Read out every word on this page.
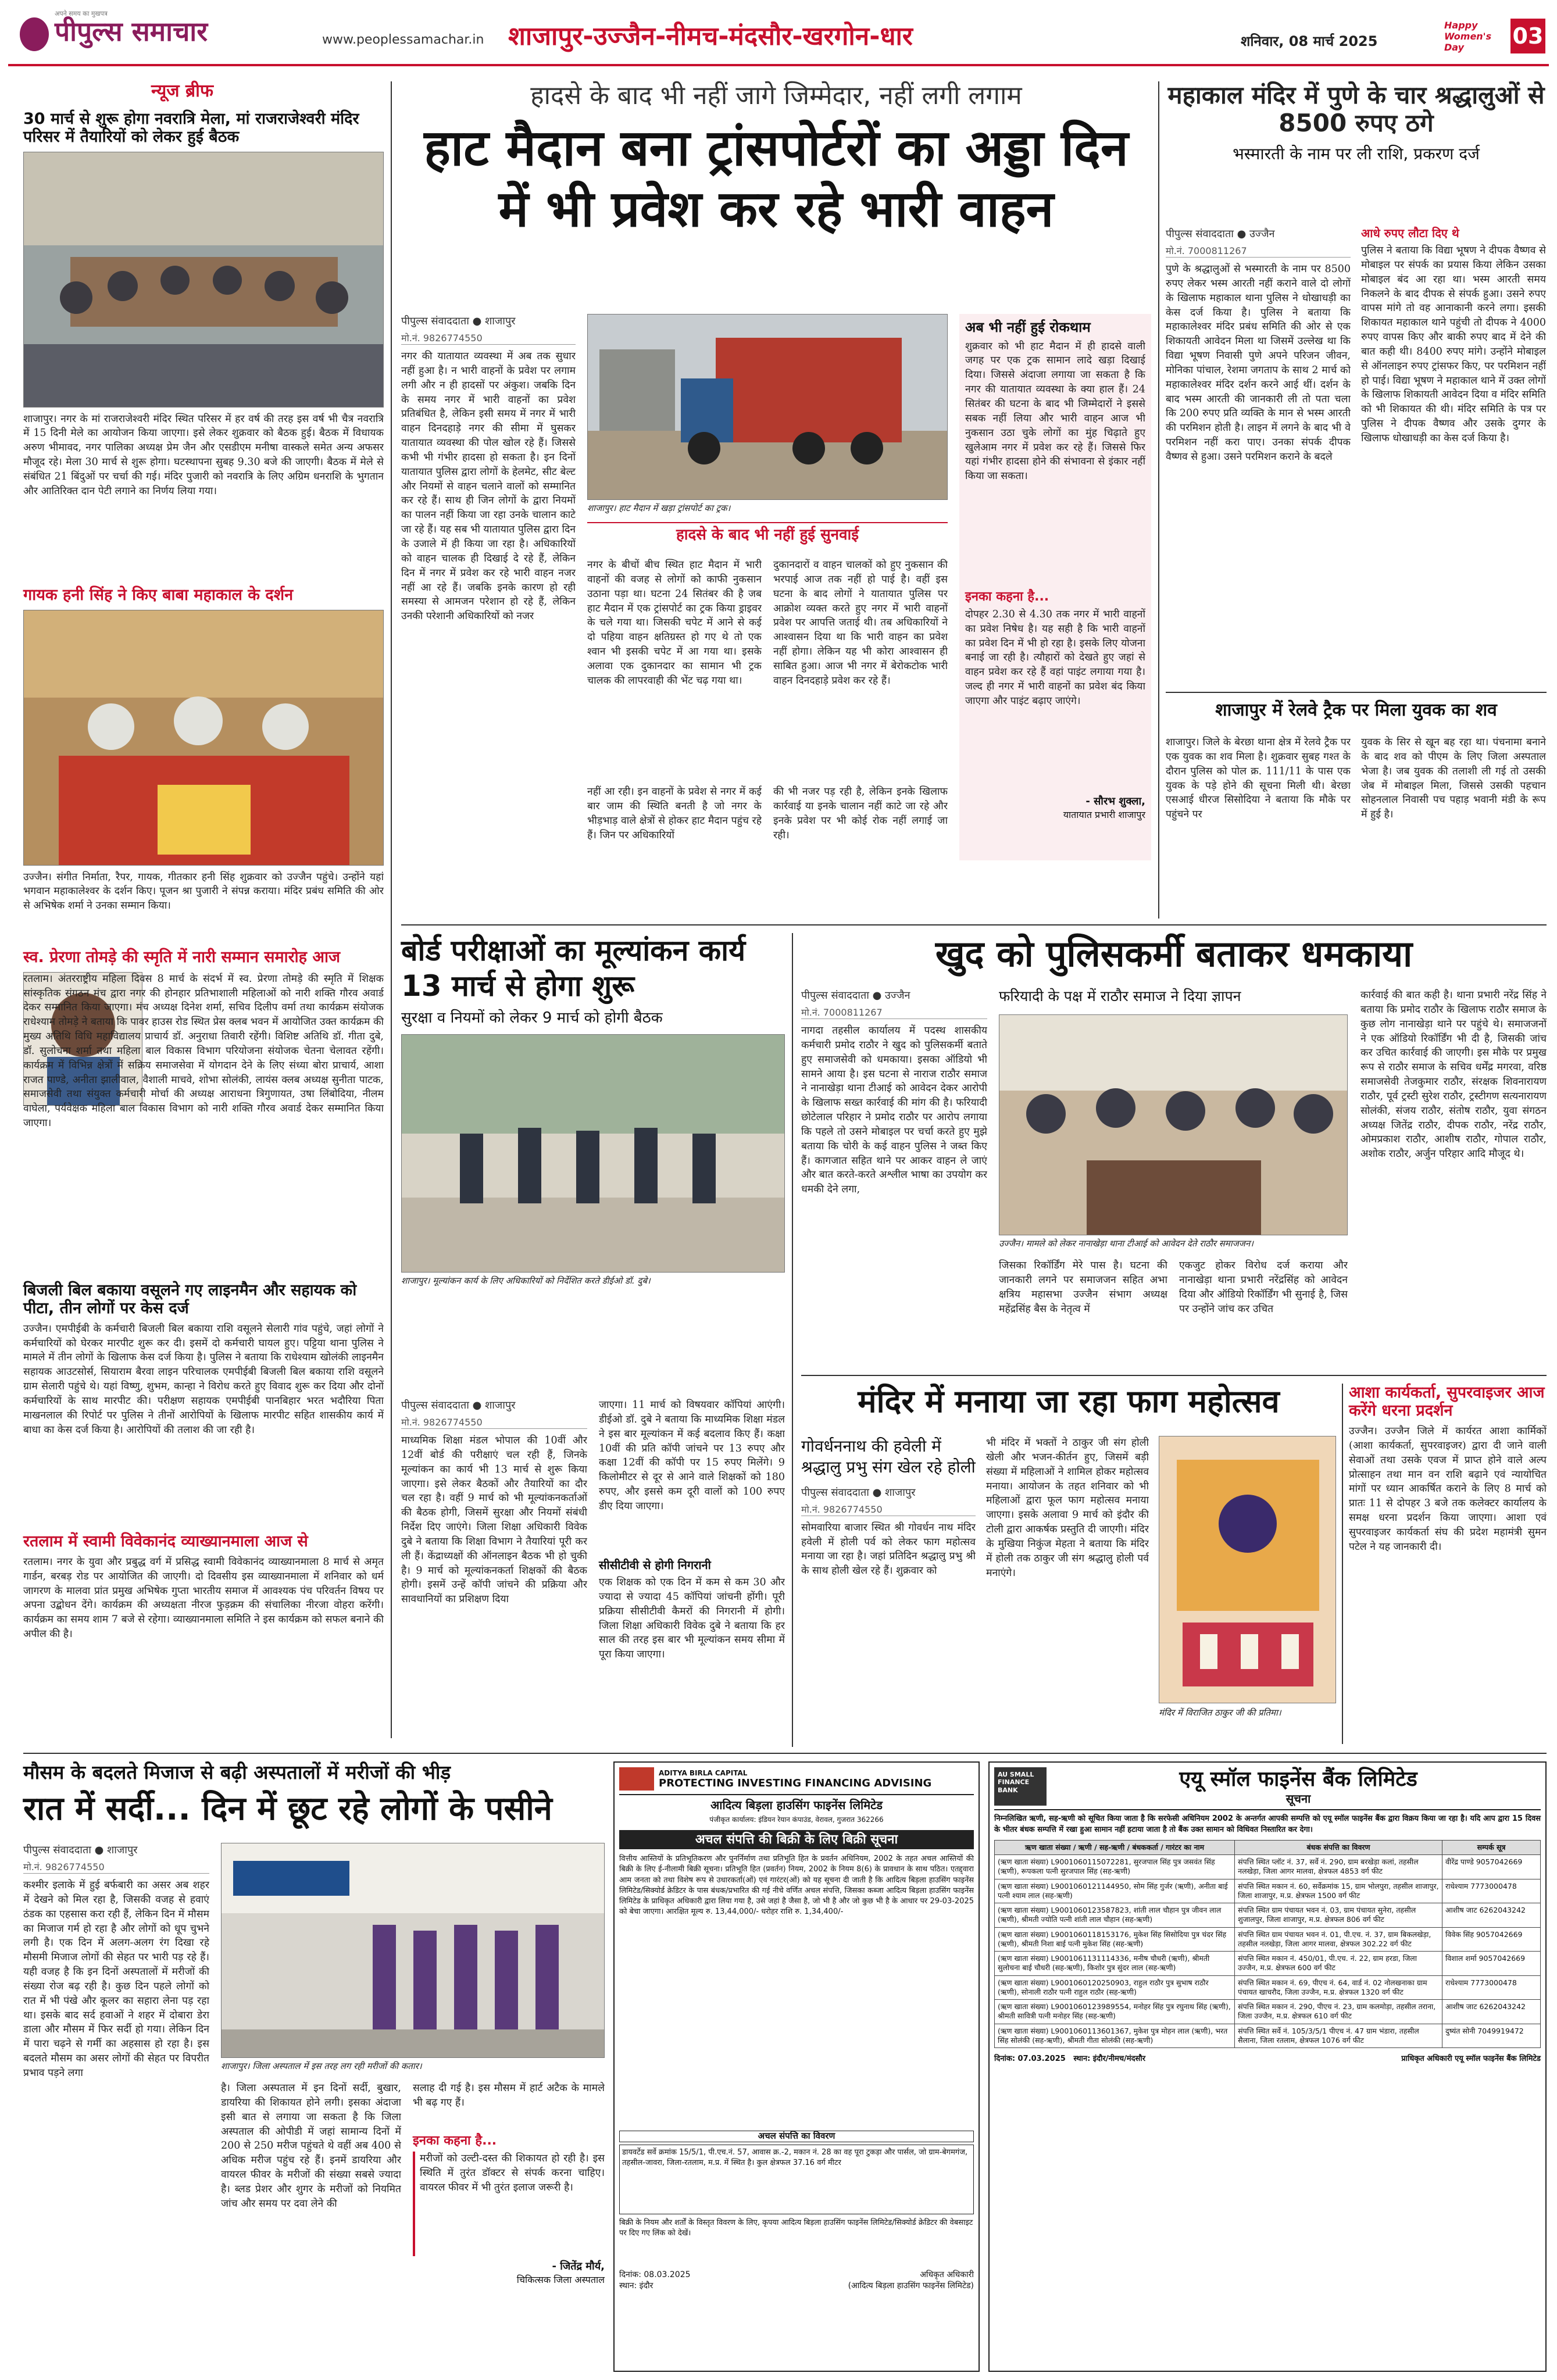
पीपुल्स समाचार
अपने समय का मुखपत्र
www.peoplessamachar.in शाजापुर-उज्जैन-नीमच-मंदसौर-खरगोन-धार	शनिवार, 08 मार्च 2025
Happy Women's Day	03
न्यूज ब्रीफ
30 मार्च से शुरू होगा नवरात्रि मेला, मां राजराजेश्वरी मंदिर परिसर में तैयारियों को लेकर हुई बैठक
शाजापुर। नगर के मां राजराजेश्वरी मंदिर स्थित परिसर में हर वर्ष की तरह इस वर्ष भी चैत्र नवरात्रि में 15 दिनी मेले का आयोजन किया जाएगा। इसे लेकर शुक्रवार को बैठक हुई। बैठक में विधायक अरुण भीमावद, नगर पालिका अध्यक्ष प्रेम जैन और एसडीएम मनीषा वास्कले समेत अन्य अफसर मौजूद रहे। मेला 30 मार्च से शुरू होगा। घटस्थापना सुबह 9.30 बजे की जाएगी। बैठक में मेले से संबंधित 21 बिंदुओं पर चर्चा की गई। मंदिर पुजारी को नवरात्रि के लिए अग्रिम धनराशि के भुगतान और आतिरिक्त दान पेटी लगाने का निर्णय लिया गया।
गायक हनी सिंह ने किए बाबा महाकाल के दर्शन
उज्जैन। संगीत निर्माता, रैपर, गायक, गीतकार हनी सिंह शुक्रवार को उज्जैन पहुंचे। उन्होंने यहां भगवान महाकालेश्वर के दर्शन किए। पूजन श्रा पुजारी ने संपन्न कराया। मंदिर प्रबंध समिति की ओर से अभिषेक शर्मा ने उनका सम्मान किया।
स्व. प्रेरणा तोमड़े की स्मृति में नारी सम्मान समारोह आज
रतलाम। अंतरराष्ट्रीय महिला दिवस 8 मार्च के संदर्भ में स्व. प्रेरणा तोमड़े की स्मृति में शिक्षक सांस्कृतिक संगठन मंच द्वारा नगर की होनहार प्रतिभाशाली महिलाओं को नारी शक्ति गौरव अवार्ड देकर सम्मानित किया जाएगा। मंच अध्यक्ष दिनेश शर्मा, सचिव दिलीप वर्मा तथा कार्यक्रम संयोजक राधेश्याम तोमड़े ने बताया कि पावर हाउस रोड स्थित प्रेस क्लब भवन में आयोजित उक्त कार्यक्रम की मुख्य अतिथि विधि महाविद्यालय प्राचार्य डॉ. अनुराधा तिवारी रहेंगी। विशिष्ट अतिथि डॉ. गीता दुबे, डॉ. सुलोचना शर्मा तथा महिला बाल विकास विभाग परियोजना संयोजक चेतना चेलावत रहेंगी। कार्यक्रम में विभिन्न क्षेत्रों में सक्रिय समाजसेवा में योगदान देने के लिए संध्या बोरा प्राचार्य, आशा राजत पाण्डे, अनीता झालीवाल, वैशाली माचवे, शोभा सोलंकी, लायंस क्लब अध्यक्ष सुनीता पाटक, समाजसेवी तथा संयुक्त कर्मचारी मोर्चा की अध्यक्ष आराधना त्रिगुणायत, उषा लिंबोदिया, नीलम वाघेला, पर्यवेक्षक महिला बाल विकास विभाग को नारी शक्ति गौरव अवार्ड देकर सम्मानित किया जाएगा।
बिजली बिल बकाया वसूलने गए लाइनमैन और सहायक को पीटा, तीन लोगों पर केस दर्ज
उज्जैन। एमपीईबी के कर्मचारी बिजली बिल बकाया राशि वसूलने सेलारी गांव पहुंचे, जहां लोगों ने कर्मचारियों को घेरकर मारपीट शुरू कर दी। इसमें दो कर्मचारी घायल हुए। पट्टिया थाना पुलिस ने मामले में तीन लोगों के खिलाफ केस दर्ज किया है। पुलिस ने बताया कि राधेश्याम खोलंकी लाइनमैन सहायक आउटसोर्स, सियाराम बैरवा लाइन परिचालक एमपीईबी बिजली बिल बकाया राशि वसूलने ग्राम सेलारी पहुंचे थे। यहां विष्णु, शुभम, कान्हा ने विरोध करते हुए विवाद शुरू कर दिया और दोनों कर्मचारियों के साथ मारपीट की। परीक्षण सहायक एमपीईबी पानबिहार भरत भदौरिया पिता माखनलाल की रिपोर्ट पर पुलिस ने तीनों आरोपियों के खिलाफ मारपीट सहित शासकीय कार्य में बाधा का केस दर्ज किया है। आरोपियों की तलाश की जा रही है।
रतलाम में स्वामी विवेकानंद व्याख्यानमाला आज से
रतलाम। नगर के युवा और प्रबुद्ध वर्ग में प्रसिद्ध स्वामी विवेकानंद व्याख्यानमाला 8 मार्च से अमृत गार्डन, बरबड़ रोड पर आयोजित की जाएगी। दो दिवसीय इस व्याख्यानमाला में शनिवार को धर्म जागरण के मालवा प्रांत प्रमुख अभिषेक गुप्ता भारतीय समाज में आवश्यक पंच परिवर्तन विषय पर अपना उद्बोधन देंगे। कार्यक्रम की अध्यक्षता नीरज फुड़क्रम की संचालिका नीरजा वोहरा करेंगी। कार्यक्रम का समय शाम 7 बजे से रहेगा। व्याख्यानमाला समिति ने इस कार्यक्रम को सफल बनाने की अपील की है।
हादसे के बाद भी नहीं जागे जिम्मेदार, नहीं लगी लगाम
हाट मैदान बना ट्रांसपोर्टरों का अड्डा दिन में भी प्रवेश कर रहे भारी वाहन
पीपुल्स संवाददाता ● शाजापुर
मो.नं. 9826774550
नगर की यातायात व्यवस्था में अब तक सुधार नहीं हुआ है। न भारी वाहनों के प्रवेश पर लगाम लगी और न ही हादसों पर अंकुश। जबकि दिन के समय नगर में भारी वाहनों का प्रवेश प्रतिबंधित है, लेकिन इसी समय में नगर में भारी वाहन दिनदहाड़े नगर की सीमा में घुसकर यातायात व्यवस्था की पोल खोल रहे हैं। जिससे कभी भी गंभीर हादसा हो सकता है। इन दिनों यातायात पुलिस द्वारा लोगों के हेलमेट, सीट बेल्ट और नियमों से वाहन चलाने वालों को सम्मानित कर रहे हैं। साथ ही जिन लोगों के द्वारा नियमों का पालन नहीं किया जा रहा उनके चालान काटे जा रहे हैं। यह सब भी यातायात पुलिस द्वारा दिन के उजाले में ही किया जा रहा है। अधिकारियों को वाहन चालक ही दिखाई दे रहे हैं, लेकिन दिन में नगर में प्रवेश कर रहे भारी वाहन नजर नहीं आ रहे हैं। जबकि इनके कारण हो रही समस्या से आमजन परेशान हो रहे हैं, लेकिन उनकी परेशानी अधिकारियों को नजर
शाजापुर। हाट मैदान में खड़ा ट्रांसपोर्ट का ट्रक।
हादसे के बाद भी नहीं हुई सुनवाई
नगर के बीचों बीच स्थित हाट मैदान में भारी वाहनों की वजह से लोगों को काफी नुकसान उठाना पड़ा था। घटना 24 सितंबर की है जब हाट मैदान में एक ट्रांसपोर्ट का ट्रक किया ड्राइवर के चले गया था। जिसकी चपेट में आने से कई दो पहिया वाहन क्षतिग्रस्त हो गए थे तो एक श्वान भी इसकी चपेट में आ गया था। इसके अलावा एक दुकानदार का सामान भी ट्रक चालक की लापरवाही की भेंट चढ़ गया था।
दुकानदारों व वाहन चालकों को हुए नुकसान की भरपाई आज तक नहीं हो पाई है। वहीं इस घटना के बाद लोगों ने यातायात पुलिस पर आक्रोश व्यक्त करते हुए नगर में भारी वाहनों प्रवेश पर आपत्ति जताई थी। तब अधिकारियों ने आश्वासन दिया था कि भारी वाहन का प्रवेश नहीं होगा। लेकिन यह भी कोरा आश्वासन ही साबित हुआ। आज भी नगर में बेरोकटोक भारी वाहन दिनदहाड़े प्रवेश कर रहे हैं।
नहीं आ रही। इन वाहनों के प्रवेश से नगर में कई बार जाम की स्थिति बनती है जो नगर के भीड़भाड़ वाले क्षेत्रों से होकर हाट मैदान पहुंच रहे हैं। जिन पर अधिकारियों
की भी नजर पड़ रही है, लेकिन इनके खिलाफ कार्रवाई या इनके चालान नहीं काटे जा रहे और इनके प्रवेश पर भी कोई रोक नहीं लगाई जा रही।
अब भी नहीं हुई रोकथाम
शुक्रवार को भी हाट मैदान में ही हादसे वाली जगह पर एक ट्रक सामान लादे खड़ा दिखाई दिया। जिससे अंदाजा लगाया जा सकता है कि नगर की यातायात व्यवस्था के क्या हाल हैं। 24 सितंबर की घटना के बाद भी जिम्मेदारों ने इससे सबक नहीं लिया और भारी वाहन आज भी नुकसान उठा चुके लोगों का मुंह चिढ़ाते हुए खुलेआम नगर में प्रवेश कर रहे हैं। जिससे फिर यहां गंभीर हादसा होने की संभावना से इंकार नहीं किया जा सकता।
इनका कहना है...
दोपहर 2.30 से 4.30 तक नगर में भारी वाहनों का प्रवेश निषेध है। यह सही है कि भारी वाहनों का प्रवेश दिन में भी हो रहा है। इसके लिए योजना बनाई जा रही है। त्यौहारों को देखते हुए जहां से वाहन प्रवेश कर रहे हैं वहां पाइंट लगाया गया है। जल्द ही नगर में भारी वाहनों का प्रवेश बंद किया जाएगा और पाइंट बढ़ाए जाएंगे।
- सौरभ शुक्ला,
यातायात प्रभारी शाजापुर
महाकाल मंदिर में पुणे के चार श्रद्धालुओं से 8500 रुपए ठगे
भस्मारती के नाम पर ली राशि, प्रकरण दर्ज
पीपुल्स संवाददाता ● उज्जैन
मो.नं. 7000811267
पुणे के श्रद्धालुओं से भस्मारती के नाम पर 8500 रुपए लेकर भस्म आरती नहीं कराने वाले दो लोगों के खिलाफ महाकाल थाना पुलिस ने धोखाधड़ी का केस दर्ज किया है। पुलिस ने बताया कि महाकालेश्वर मंदिर प्रबंध समिति की ओर से एक शिकायती आवेदन मिला था जिसमें उल्लेख था कि विद्या भूषण निवासी पुणे अपने परिजन जीवन, मोनिका पांचाल, रेशमा जगताप के साथ 2 मार्च को महाकालेश्वर मंदिर दर्शन करने आई थीं। दर्शन के बाद भस्म आरती की जानकारी ली तो पता चला कि 200 रुपए प्रति व्यक्ति के मान से भस्म आरती की परमिशन होती है। लाइन में लगने के बाद भी वे परमिशन नहीं करा पाए। उनका संपर्क दीपक वैष्णव से हुआ। उसने परमिशन कराने के बदले
आधे रुपए लौटा दिए थे
पुलिस ने बताया कि विद्या भूषण ने दीपक वैष्णव से मोबाइल पर संपर्क का प्रयास किया लेकिन उसका मोबाइल बंद आ रहा था। भस्म आरती समय निकलने के बाद दीपक से संपर्क हुआ। उसने रुपए वापस मांगे तो वह आनाकानी करने लगा। इसकी शिकायत महाकाल थाने पहुंची तो दीपक ने 4000 रुपए वापस किए और बाकी रुपए बाद में देने की बात कही थी। 8400 रुपए मांगे। उन्होंने मोबाइल से ऑनलाइन रुपए ट्रांसफर किए, पर परमिशन नहीं हो पाई। विद्या भूषण ने महाकाल थाने में उक्त लोगों के खिलाफ शिकायती आवेदन दिया व मंदिर समिति को भी शिकायत की थी। मंदिर समिति के पत्र पर पुलिस ने दीपक वैष्णव और उसके दुग्गर के खिलाफ धोखाधड़ी का केस दर्ज किया है।
शाजापुर में रेलवे ट्रैक पर मिला युवक का शव
शाजापुर। जिले के बेरछा थाना क्षेत्र में रेलवे ट्रैक पर एक युवक का शव मिला है। शुक्रवार सुबह गश्त के दौरान पुलिस को पोल क्र. 111/11 के पास एक युवक के पड़े होने की सूचना मिली थी। बेरछा एसआई धीरज सिसोदिया ने बताया कि मौके पर पहुंचने पर
युवक के सिर से खून बह रहा था। पंचनामा बनाने के बाद शव को पीएम के लिए जिला अस्पताल भेजा है। जब युवक की तलाशी ली गई तो उसकी जेब में मोबाइल मिला, जिससे उसकी पहचान सोहनलाल निवासी पच पहाड़ भवानी मंडी के रूप में हुई है।
बोर्ड परीक्षाओं का मूल्यांकन कार्य 13 मार्च से होगा शुरू
सुरक्षा व नियमों को लेकर 9 मार्च को होगी बैठक
शाजापुर। मूल्यांकन कार्य के लिए अधिकारियों को निर्देशित करते डीईओ डॉ. दुबे।
पीपुल्स संवाददाता ● शाजापुर
मो.नं. 9826774550
माध्यमिक शिक्षा मंडल भोपाल की 10वीं और 12वीं बोर्ड की परीक्षाएं चल रही हैं, जिनके मूल्यांकन का कार्य भी 13 मार्च से शुरू किया जाएगा। इसे लेकर बैठकों और तैयारियों का दौर चल रहा है। वहीं 9 मार्च को भी मूल्यांकनकर्ताओं की बैठक होगी, जिसमें सुरक्षा और नियमों संबंधी निर्देश दिए जाएंगे। जिला शिक्षा अधिकारी विवेक दुबे ने बताया कि शिक्षा विभाग ने तैयारियां पूरी कर ली हैं। केंद्राध्यक्षों की ऑनलाइन बैठक भी हो चुकी है। 9 मार्च को मूल्यांकनकर्ता शिक्षकों की बैठक होगी। इसमें उन्हें कॉपी जांचने की प्रक्रिया और सावधानियों का प्रशिक्षण दिया
जाएगा। 11 मार्च को विषयवार कॉपियां आएंगी। डीईओ डॉ. दुबे ने बताया कि माध्यमिक शिक्षा मंडल ने इस बार मूल्यांकन में कई बदलाव किए हैं। कक्षा 10वीं की प्रति कॉपी जांचने पर 13 रुपए और कक्षा 12वीं की कॉपी पर 15 रुपए मिलेंगे। 9 किलोमीटर से दूर से आने वाले शिक्षकों को 180 रुपए, और इससे कम दूरी वालों को 100 रुपए डीए दिया जाएगा।
सीसीटीवी से होगी निगरानी
एक शिक्षक को एक दिन में कम से कम 30 और ज्यादा से ज्यादा 45 कॉपियां जांचनी होंगी। पूरी प्रक्रिया सीसीटीवी कैमरों की निगरानी में होगी। जिला शिक्षा अधिकारी विवेक दुबे ने बताया कि हर साल की तरह इस बार भी मूल्यांकन समय सीमा में पूरा किया जाएगा।
खुद को पुलिसकर्मी बताकर धमकाया
पीपुल्स संवाददाता ● उज्जैन
मो.नं. 7000811267
नागदा तहसील कार्यालय में पदस्थ शासकीय कर्मचारी प्रमोद राठौर ने खुद को पुलिसकर्मी बताते हुए समाजसेवी को धमकाया। इसका ऑडियो भी सामने आया है। इस घटना से नाराज राठौर समाज ने नानाखेड़ा थाना टीआई को आवेदन देकर आरोपी के खिलाफ सख्त कार्रवाई की मांग की है। फरियादी छोटेलाल परिहार ने प्रमोद राठौर पर आरोप लगाया कि पहले तो उसने मोबाइल पर चर्चा करते हुए मुझे बताया कि चोरी के कई वाहन पुलिस ने जब्त किए हैं। कागजात सहित थाने पर आकर वाहन ले जाएं और बात करते-करते अश्लील भाषा का उपयोग कर धमकी देने लगा,
फरियादी के पक्ष में राठौर समाज ने दिया ज्ञापन
उज्जैन। मामले को लेकर नानाखेड़ा थाना टीआई को आवेदन देते राठौर समाजजन।
जिसका रिकॉर्डिंग मेरे पास है। घटना की जानकारी लगने पर समाजजन सहित अभा क्षत्रिय महासभा उज्जैन संभाग अध्यक्ष महेंद्रसिंह बैस के नेतृत्व में
एकजुट होकर विरोध दर्ज कराया और नानाखेड़ा थाना प्रभारी नरेंद्रसिंह को आवेदन दिया और ऑडियो रिकॉर्डिंग भी सुनाई है, जिस पर उन्होंने जांच कर उचित
कार्रवाई की बात कही है। थाना प्रभारी नरेंद्र सिंह ने बताया कि प्रमोद राठौर के खिलाफ राठौर समाज के कुछ लोग नानाखेड़ा थाने पर पहुंचे थे। समाजजनों ने एक ऑडियो रिकॉर्डिंग भी दी है, जिसकी जांच कर उचित कार्रवाई की जाएगी। इस मौके पर प्रमुख रूप से राठौर समाज के सचिव धर्मेंद्र मगरवा, वरिष्ठ समाजसेवी तेजकुमार राठौर, संरक्षक शिवनारायण राठौर, पूर्व ट्रस्टी सुरेश राठौर, ट्रस्टीगण सत्यनारायण सोलंकी, संजय राठौर, संतोष राठौर, युवा संगठन अध्यक्ष जितेंद्र राठौर, दीपक राठौर, नरेंद्र राठौर, ओमप्रकाश राठौर, आशीष राठौर, गोपाल राठौर, अशोक राठौर, अर्जुन परिहार आदि मौजूद थे।
मंदिर में मनाया जा रहा फाग महोत्सव
गोवर्धननाथ की हवेली में श्रद्धालु प्रभु संग खेल रहे होली
पीपुल्स संवाददाता ● शाजापुर
मो.नं. 9826774550
सोमवारिया बाजार स्थित श्री गोवर्धन नाथ मंदिर हवेली में होली पर्व को लेकर फाग महोत्सव मनाया जा रहा है। जहां प्रतिदिन श्रद्धालु प्रभु श्री के साथ होली खेल रहे हैं। शुक्रवार को
भी मंदिर में भक्तों ने ठाकुर जी संग होली खेली और भजन-कीर्तन हुए, जिसमें बड़ी संख्या में महिलाओं ने शामिल होकर महोत्सव मनाया। आयोजन के तहत शनिवार को भी महिलाओं द्वारा फूल फाग महोत्सव मनाया जाएगा। इसके अलावा 9 मार्च को इंदौर की टोली द्वारा आकर्षक प्रस्तुति दी जाएगी। मंदिर के मुखिया निकुंज मेहता ने बताया कि मंदिर में होली तक ठाकुर जी संग श्रद्धालु होली पर्व मनाएंगे।
मंदिर में विराजित ठाकुर जी की प्रतिमा।
आशा कार्यकर्ता, सुपरवाइजर आज करेंगे धरना प्रदर्शन
उज्जैन। उज्जैन जिले में कार्यरत आशा कार्मिकों (आशा कार्यकर्ता, सुपरवाइजर) द्वारा दी जाने वाली सेवाओं तथा उसके एवज में प्राप्त होने वाले अल्प प्रोत्साहन तथा मान वन राशि बढ़ाने एवं न्यायोचित मांगों पर ध्यान आकर्षित कराने के लिए 8 मार्च को प्रातः 11 से दोपहर 3 बजे तक कलेक्टर कार्यालय के समक्ष धरना प्रदर्शन किया जाएगा। आशा एवं सुपरवाइजर कार्यकर्ता संघ की प्रदेश महामंत्री सुमन पटेल ने यह जानकारी दी।
मौसम के बदलते मिजाज से बढ़ी अस्पतालों में मरीजों की भीड़
रात में सर्दी... दिन में छूट रहे लोगों के पसीने
पीपुल्स संवाददाता ● शाजापुर
मो.नं. 9826774550
कश्मीर इलाके में हुई बर्फबारी का असर अब शहर में देखने को मिल रहा है, जिसकी वजह से हवाएं ठंडक का एहसास करा रही हैं, लेकिन दिन में मौसम का मिजाज गर्म हो रहा है और लोगों को धूप चुभने लगी है। एक दिन में अलग-अलग रंग दिखा रहे मौसमी मिजाज लोगों की सेहत पर भारी पड़ रहे हैं। यही वजह है कि इन दिनों अस्पतालों में मरीजों की संख्या रोज बढ़ रही है। कुछ दिन पहले लोगों को रात में भी पंखे और कूलर का सहारा लेना पड़ रहा था। इसके बाद सर्द हवाओं ने शहर में दोबारा डेरा डाला और मौसम में फिर सर्दी हो गया। लेकिन दिन में पारा चढ़ने से गर्मी का अहसास हो रहा है। इस बदलते मौसम का असर लोगों की सेहत पर विपरीत प्रभाव पड़ने लगा
शाजापुर। जिला अस्पताल में इस तरह लग रही मरीजों की कतार।
है। जिला अस्पताल में इन दिनों सर्दी, बुखार, डायरिया की शिकायत होने लगी। इसका अंदाजा इसी बात से लगाया जा सकता है कि जिला अस्पताल की ओपीडी में जहां सामान्य दिनों में 200 से 250 मरीज पहुंचते थे वहीं अब 400 से अधिक मरीज पहुंच रहे हैं। इनमें डायरिया और वायरल फीवर के मरीजों की संख्या सबसे ज्यादा है। ब्लड प्रेशर और शुगर के मरीजों को नियमित जांच और समय पर दवा लेने की
सलाह दी गई है। इस मौसम में हार्ट अटैक के मामले भी बढ़ गए हैं।
इनका कहना है...
मरीजों को उल्टी-दस्त की शिकायत हो रही है। इस स्थिति में तुरंत डॉक्टर से संपर्क करना चाहिए। वायरल फीवर में भी तुरंत इलाज जरूरी है।
- जितेंद्र मौर्य,
चिकित्सक जिला अस्पताल
ADITYA BIRLA CAPITAL
PROTECTING INVESTING FINANCING ADVISING
आदित्य बिड़ला हाउसिंग फाइनेंस लिमिटेड
पंजीकृत कार्यालय: इंडियन रेयान कंपाउंड, वेरावल, गुजरात 362266
अचल संपत्ति की बिक्री के लिए बिक्री सूचना
वित्तीय आस्तियों के प्रतिभूतिकरण और पुनर्निर्माण तथा प्रतिभूति हित के प्रवर्तन अधिनियम, 2002 के तहत अचल आस्तियों की बिक्री के लिए ई-नीलामी बिक्री सूचना। प्रतिभूति हित (प्रवर्तन) नियम, 2002 के नियम 8(6) के प्रावधान के साथ पठित। एतद्द्वारा आम जनता को तथा विशेष रूप से उधारकर्ता(ओं) एवं गारंटर(ओं) को यह सूचना दी जाती है कि आदित्य बिड़ला हाउसिंग फाइनेंस लिमिटेड/सिक्योर्ड क्रेडिटर के पास बंधक/प्रभारित की गई नीचे वर्णित अचल संपत्ति, जिसका कब्जा आदित्य बिड़ला हाउसिंग फाइनेंस लिमिटेड के प्राधिकृत अधिकारी द्वारा लिया गया है, उसे जहां है जैसा है, जो भी है और जो कुछ भी है के आधार पर 29-03-2025 को बेचा जाएगा। आरक्षित मूल्य रु. 13,44,000/- धरोहर राशि रु. 1,34,400/-
अचल संपत्ति का विवरण
डायवर्टेड सर्वे क्रमांक 15/5/1, पी.एच.नं. 57, आवास क्र.-2, मकान नं. 28 का वह पूरा टुकड़ा और पार्सल, जो ग्राम-बेगमगंज, तहसील-जावरा, जिला-रतलाम, म.प्र. में स्थित है। कुल क्षेत्रफल 37.16 वर्ग मीटर
बिक्री के नियम और शर्तों के विस्तृत विवरण के लिए, कृपया आदित्य बिड़ला हाउसिंग फाइनेंस लिमिटेड/सिक्योर्ड क्रेडिटर की वेबसाइट पर दिए गए लिंक को देखें।
दिनांक: 08.03.2025
स्थान: इंदौर
अधिकृत अधिकारी
(आदित्य बिड़ला हाउसिंग फाइनेंस लिमिटेड)
AU SMALL FINANCE BANK	एयू स्मॉल फाइनेंस बैंक लिमिटेड
सूचना
निम्नलिखित ऋणी, सह-ऋणी को सूचित किया जाता है कि सरफेसी अधिनियम 2002 के अन्तर्गत आपकी सम्पत्ति को एयू स्मॉल फाइनेंस बैंक द्वारा विक्रय किया जा रहा है। यदि आप द्वारा 15 दिवस के भीतर बंधक सम्पत्ति में रखा हुआ सामान नहीं हटाया जाता है तो बैंक उक्त सामान को विधिवत निस्तारित कर देगा।
ऋण खाता संख्या / ऋणी / सह-ऋणी / बंधककर्ता / गारंटर का नाम	बंधक संपत्ति का विवरण	सम्पर्क सूत्र
(ऋण खाता संख्या) L9001060115072281, सुरजपाल सिंह पुत्र जसवंत सिंह (ऋणी), रूपकला पत्नी सुरजपाल सिंह (सह-ऋणी)	संपत्ति स्थित प्लॉट नं. 37, सर्वे नं. 290, ग्राम बरखेड़ा कलां, तहसील नलखेड़ा, जिला आगर मालवा, क्षेत्रफल 4853 वर्ग फीट	वीरेंद्र पाण्डे 9057042669
(ऋण खाता संख्या) L9001060121144950, सोम सिंह गुर्जर (ऋणी), अनीता बाई पत्नी श्याम लाल (सह-ऋणी)	संपत्ति स्थित मकान नं. 60, सर्वेक्रमांक 15, ग्राम भोलपुरा, तहसील शाजापुर, जिला शाजापुर, म.प्र. क्षेत्रफल 1500 वर्ग फीट	राधेश्याम 7773000478
(ऋण खाता संख्या) L9001060123587823, शांती लाल चौहान पुत्र जीवन लाल (ऋणी), श्रीमती ज्योति पत्नी शांती लाल चौहान (सह-ऋणी)	संपत्ति स्थित ग्राम पंचायत भवन नं. 03, ग्राम पंचायत सुनेरा, तहसील शुजालपुर, जिला शाजापुर, म.प्र. क्षेत्रफल 806 वर्ग फीट	आशीष जाट 6262043242
(ऋण खाता संख्या) L9001060118153176, मुकेश सिंह सिसोदिया पुत्र चंदर सिंह (ऋणी), श्रीमती निशा बाई पत्नी मुकेश सिंह (सह-ऋणी)	संपत्ति स्थित ग्राम पंचायत भवन नं. 01, पी.एच. नं. 37, ग्राम बिकलखेड़ा, तहसील नलखेड़ा, जिला आगर मालवा, क्षेत्रफल 302.22 वर्ग फीट	विवेक सिंह 9057042669
(ऋण खाता संख्या) L9001061131114336, मनीष चौधरी (ऋणी), श्रीमती सुलोचना बाई चौधरी (सह-ऋणी), किशोर पुत्र सुंदर लाल (सह-ऋणी)	संपत्ति स्थित मकान नं. 450/01, पी.एच. नं. 22, ग्राम हरडा, जिला उज्जैन, म.प्र. क्षेत्रफल 600 वर्ग फीट	विशाल शर्मा 9057042669
(ऋण खाता संख्या) L9001060120250903, राहुल राठौर पुत्र सुभाष राठौर (ऋणी), सोनाली राठौर पत्नी राहुल राठौर (सह-ऋणी)	संपत्ति स्थित मकान नं. 69, पीएच नं. 64, वार्ड नं. 02 नोलखनाका ग्राम पंचायत खाचरौद, जिला उज्जैन, म.प्र. क्षेत्रफल 1320 वर्ग फीट	राधेश्याम 7773000478
(ऋण खाता संख्या) L9001060123989554, मनोहर सिंह पुत्र रघुनाथ सिंह (ऋणी), श्रीमती सावित्री पत्नी मनोहर सिंह (सह-ऋणी)	संपत्ति स्थित मकान नं. 290, पीएच नं. 23, ग्राम कलमोड़ा, तहसील तराना, जिला उज्जैन, म.प्र. क्षेत्रफल 610 वर्ग फीट	आशीष जाट 6262043242
(ऋण खाता संख्या) L9001060113601367, मुकेश पुत्र मोहन लाल (ऋणी), भरत सिंह सोलंकी (सह-ऋणी), श्रीमती गीता सोलंकी (सह-ऋणी)	संपत्ति स्थित सर्वे नं. 105/3/5/1 पीएच नं. 47 ग्राम भंडारा, तहसील सैलाना, जिला रतलाम, क्षेत्रफल 1076 वर्ग फीट	दुष्यंत सोनी 7049919472
दिनांक: 07.03.2025 स्थान: इंदौर/नीमच/मंदसौर	प्राधिकृत अधिकारी एयू स्मॉल फाइनेंस बैंक लिमिटेड
